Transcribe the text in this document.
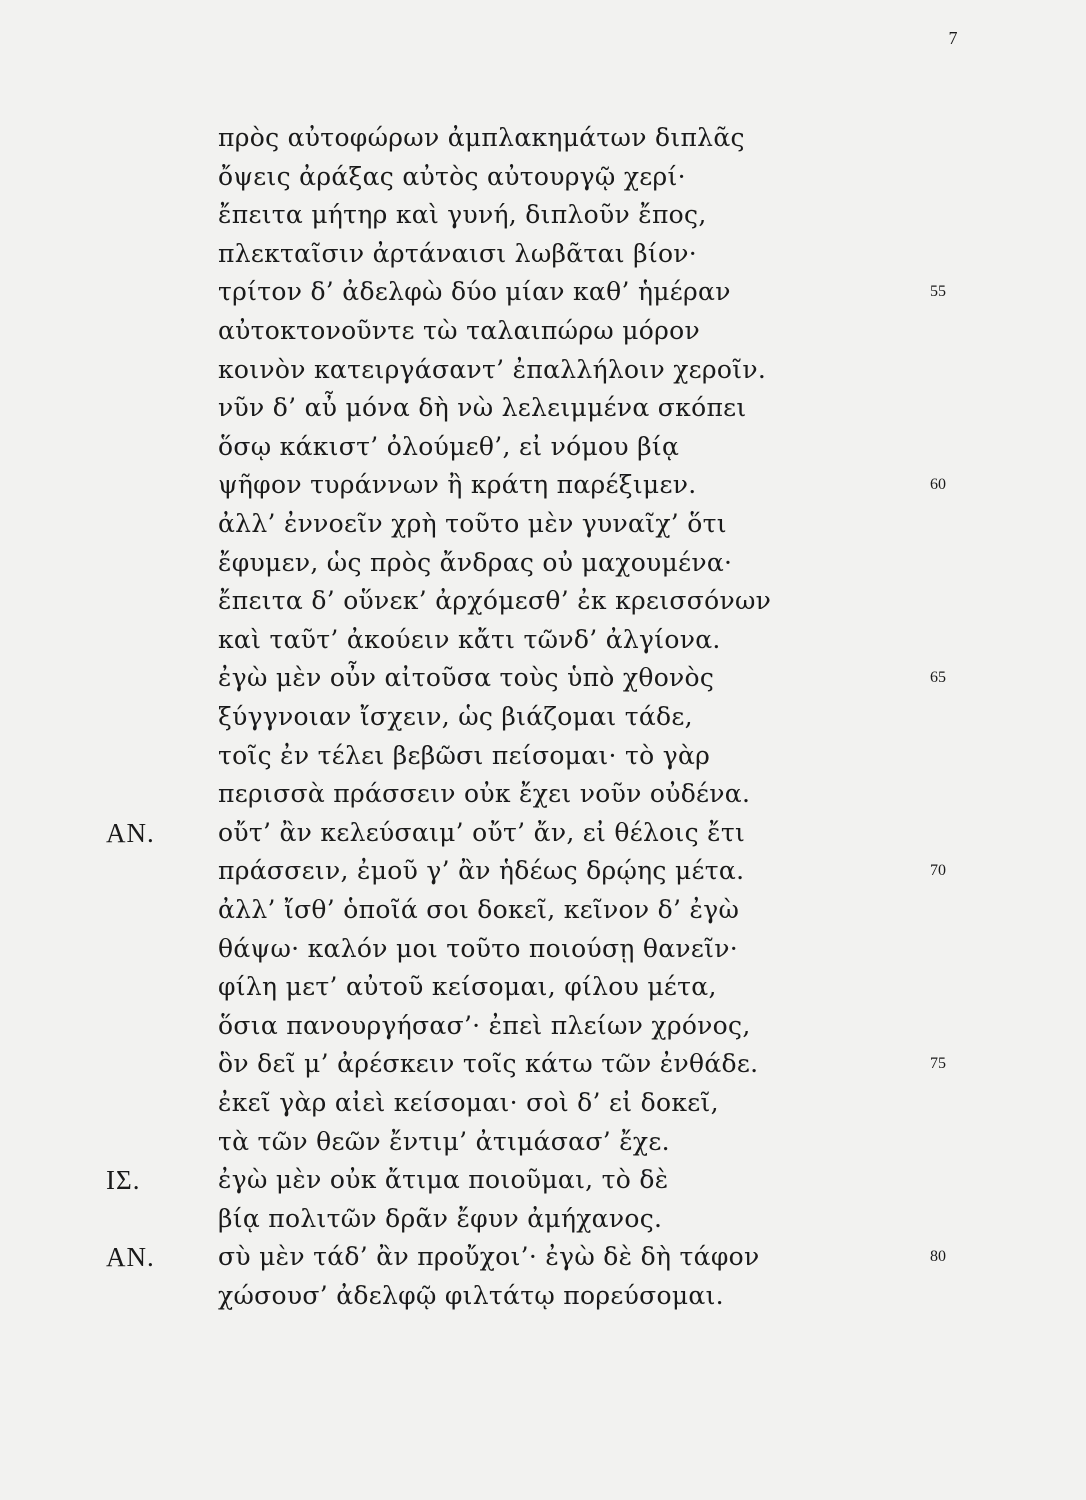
7
πρὸς αὐτοφώρων ἀμπλακημάτων διπλᾶς
ὄψεις ἀράξας αὐτὸς αὐτουργῷ χερί·
ἔπειτα μήτηρ καὶ γυνή, διπλοῦν ἔπος,
πλεκταῖσιν ἀρτάναισι λωβᾶται βίον·
τρίτον δ’ ἀδελφὼ δύο μίαν καθ’ ἡμέραν	55
αὐτοκτονοῦντε τὼ ταλαιπώρω μόρον
κοινὸν κατειργάσαντ’ ἐπαλλήλοιν χεροῖν.
νῦν δ’ αὖ μόνα δὴ νὼ λελειμμένα σκόπει
ὅσῳ κάκιστ’ ὀλούμεθ’, εἰ νόμου βίᾳ
ψῆφον τυράννων ἢ κράτη παρέξιμεν.	60
ἀλλ’ ἐννοεῖν χρὴ τοῦτο μὲν γυναῖχ’ ὅτι
ἔφυμεν, ὡς πρὸς ἄνδρας οὐ μαχουμένα·
ἔπειτα δ’ οὕνεκ’ ἀρχόμεσθ’ ἐκ κρεισσόνων
καὶ ταῦτ’ ἀκούειν κἄτι τῶνδ’ ἀλγίονα.
ἐγὼ μὲν οὖν αἰτοῦσα τοὺς ὑπὸ χθονὸς	65
ξύγγνοιαν ἴσχειν, ὡς βιάζομαι τάδε,
τοῖς ἐν τέλει βεβῶσι πείσομαι· τὸ γὰρ
περισσὰ πράσσειν οὐκ ἔχει νοῦν οὐδένα.
ΑΝ.	οὔτ’ ἂν κελεύσαιμ’ οὔτ’ ἄν, εἰ θέλοις ἔτι
πράσσειν, ἐμοῦ γ’ ἂν ἡδέως δρῴης μέτα.	70
ἀλλ’ ἴσθ’ ὁποῖά σοι δοκεῖ, κεῖνον δ’ ἐγὼ
θάψω· καλόν μοι τοῦτο ποιούσῃ θανεῖν·
φίλη μετ’ αὐτοῦ κείσομαι, φίλου μέτα,
ὅσια πανουργήσασ’· ἐπεὶ πλείων χρόνος,
ὃν δεῖ μ’ ἀρέσκειν τοῖς κάτω τῶν ἐνθάδε.	75
ἐκεῖ γὰρ αἰεὶ κείσομαι· σοὶ δ’ εἰ δοκεῖ,
τὰ τῶν θεῶν ἔντιμ’ ἀτιμάσασ’ ἔχε.
ΙΣ.	ἐγὼ μὲν οὐκ ἄτιμα ποιοῦμαι, τὸ δὲ
βίᾳ πολιτῶν δρᾶν ἔφυν ἀμήχανος.
ΑΝ.	σὺ μὲν τάδ’ ἂν προὔχοι’· ἐγὼ δὲ δὴ τάφον	80
χώσουσ’ ἀδελφῷ φιλτάτῳ πορεύσομαι.
